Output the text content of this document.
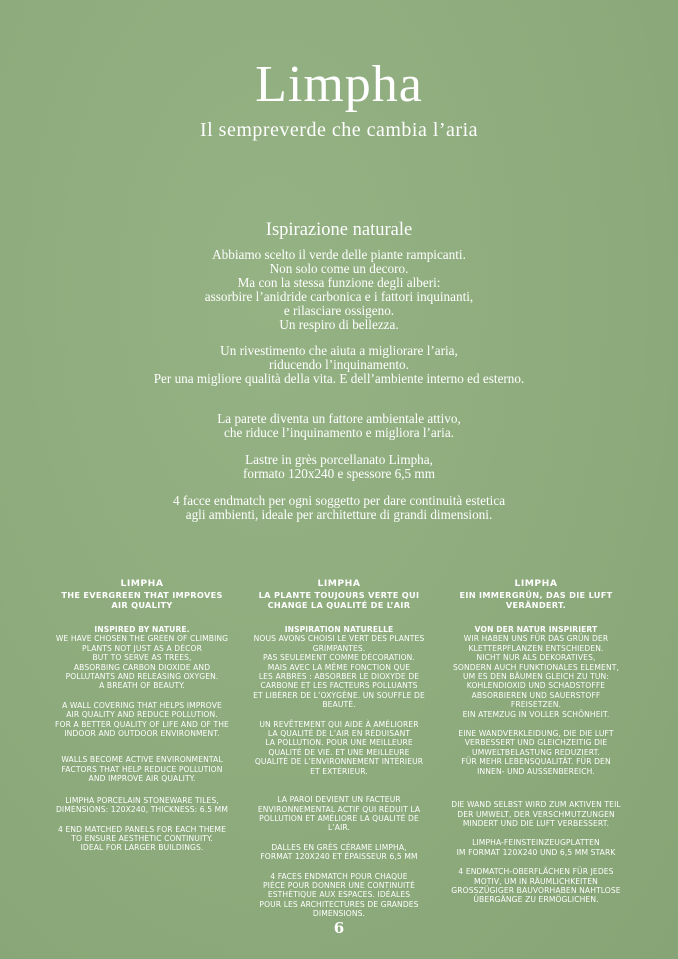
Limpha
Il sempreverde che cambia l’aria
Ispirazione naturale
Abbiamo scelto il verde delle piante rampicanti.
Non solo come un decoro.
Ma con la stessa funzione degli alberi:
assorbire l’anidride carbonica e i fattori inquinanti,
e rilasciare ossigeno.
Un respiro di bellezza.
Un rivestimento che aiuta a migliorare l’aria,
riducendo l’inquinamento.
Per una migliore qualità della vita. E dell’ambiente interno ed esterno.
La parete diventa un fattore ambientale attivo,
che riduce l’inquinamento e migliora l’aria.
Lastre in grès porcellanato Limpha,
formato 120x240 e spessore 6,5 mm
4 facce endmatch per ogni soggetto per dare continuità estetica
agli ambienti, ideale per architetture di grandi dimensioni.
LIMPHA
THE EVERGREEN THAT IMPROVES
AIR QUALITY
INSPIRED BY NATURE.
WE HAVE CHOSEN THE GREEN OF CLIMBING
PLANTS NOT JUST AS A DÉCOR
BUT TO SERVE AS TREES,
ABSORBING CARBON DIOXIDE AND
POLLUTANTS AND RELEASING OXYGEN.
A BREATH OF BEAUTY.
A WALL COVERING THAT HELPS IMPROVE
AIR QUALITY AND REDUCE POLLUTION.
FOR A BETTER QUALITY OF LIFE AND OF THE
INDOOR AND OUTDOOR ENVIRONMENT.
WALLS BECOME ACTIVE ENVIRONMENTAL
FACTORS THAT HELP REDUCE POLLUTION
AND IMPROVE AIR QUALITY.
LIMPHA PORCELAIN STONEWARE TILES,
DIMENSIONS: 120X240, THICKNESS: 6.5 MM
4 END MATCHED PANELS FOR EACH THEME
TO ENSURE AESTHETIC CONTINUITY.
IDEAL FOR LARGER BUILDINGS.
LIMPHA
LA PLANTE TOUJOURS VERTE QUI
CHANGE LA QUALITÉ DE L’AIR
INSPIRATION NATURELLE
NOUS AVONS CHOISI LE VERT DES PLANTES
GRIMPANTES.
PAS SEULEMENT COMME DÉCORATION.
MAIS AVEC LA MÊME FONCTION QUE
LES ARBRES : ABSORBER LE DIOXYDE DE
CARBONE ET LES FACTEURS POLLUANTS
ET LIBÉRER DE L’OXYGÈNE. UN SOUFFLE DE
BEAUTÉ.
UN REVÊTEMENT QUI AIDE À AMÉLIORER
LA QUALITÉ DE L’AIR EN RÉDUISANT
LA POLLUTION. POUR UNE MEILLEURE
QUALITÉ DE VIE. ET UNE MEILLEURE
QUALITÉ DE L’ENVIRONNEMENT INTÉRIEUR
ET EXTÉRIEUR.
LA PAROI DEVIENT UN FACTEUR
ENVIRONNEMENTAL ACTIF QUI RÉDUIT LA
POLLUTION ET AMÉLIORE LA QUALITÉ DE
L’AIR.
DALLES EN GRÈS CÉRAME LIMPHA,
FORMAT 120X240 ET ÉPAISSEUR 6,5 MM
4 FACES ENDMATCH POUR CHAQUE
PIÈCE POUR DONNER UNE CONTINUITÉ
ESTHÉTIQUE AUX ESPACES. IDÉALES
POUR LES ARCHITECTURES DE GRANDES
DIMENSIONS.
LIMPHA
EIN IMMERGRÜN, DAS DIE LUFT
VERÄNDERT.
VON DER NATUR INSPIRIERT
WIR HABEN UNS FÜR DAS GRÜN DER
KLETTERPFLANZEN ENTSCHIEDEN.
NICHT NUR ALS DEKORATIVES,
SONDERN AUCH FUNKTIONALES ELEMENT,
UM ES DEN BÄUMEN GLEICH ZU TUN:
KOHLENDIOXID UND SCHADSTOFFE
ABSORBIEREN UND SAUERSTOFF
FREISETZEN.
EIN ATEMZUG IN VOLLER SCHÖNHEIT.
EINE WANDVERKLEIDUNG, DIE DIE LUFT
VERBESSERT UND GLEICHZEITIG DIE
UMWELTBELASTUNG REDUZIERT.
FÜR MEHR LEBENSQUALITÄT. FÜR DEN
INNEN- UND AUSSENBEREICH.
DIE WAND SELBST WIRD ZUM AKTIVEN TEIL
DER UMWELT, DER VERSCHMUTZUNGEN
MINDERT UND DIE LUFT VERBESSERT.
LIMPHA-FEINSTEINZEUGPLATTEN
IM FORMAT 120X240 UND 6,5 MM STARK
4 ENDMATCH-OBERFLÄCHEN FÜR JEDES
MOTIV, UM IN RÄUMLICHKEITEN
GROSSZÜGIGER BAUVORHABEN NAHTLOSE
ÜBERGÄNGE ZU ERMÖGLICHEN.
6
